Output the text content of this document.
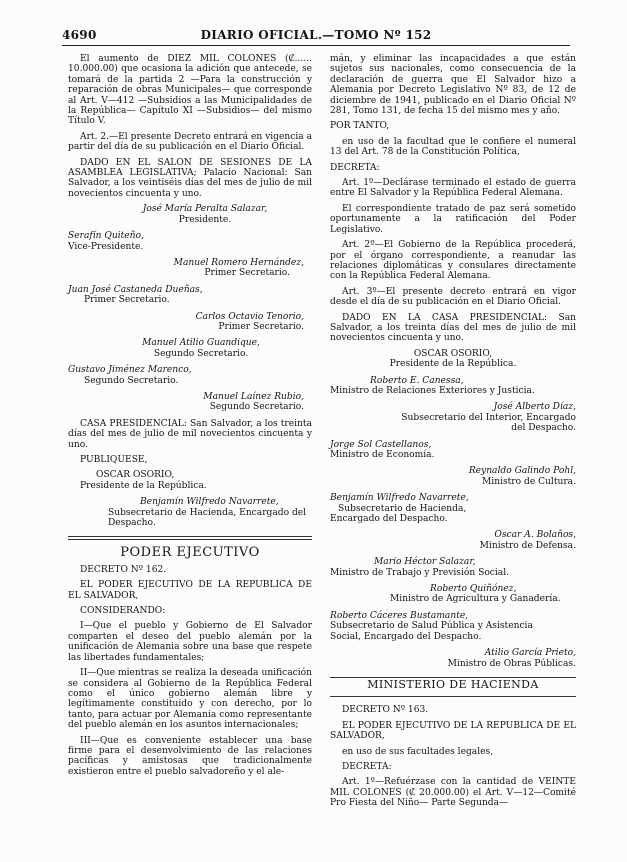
4690	DIARIO OFICIAL.—TOMO Nº 152

El aumento de DIEZ MIL COLONES (₡...... 10.000.00) que ocasiona la adición que antecede, se tomará de la partida 2 —Para la construcción y reparación de obras Municipales— que corresponde al Art. V—412 —Subsidios a las Municipalidades de la República— Capítulo XI —Subsidios— del mismo Título V.

Art. 2.—El presente Decreto entrará en vigencia a partir del día de su publicación en el Diario Oficial.

DADO EN EL SALON DE SESIONES DE LA ASAMBLEA LEGISLATIVA; Palacio Nacional: San Salvador, a los veintiséis días del mes de julio de mil novecientos cincuenta y uno.

José María Peralta Salazar,
Presidente.
Serafín Quiteño,
Vice-Presidente.
Manuel Romero Hernández,
Primer Secretario.
Juan José Castaneda Dueñas,
Primer Secretario.
Carlos Octavio Tenorio,
Primer Secretario.
Manuel Atilio Guandique,
Segundo Secretario.
Gustavo Jiménez Marenco,
Segundo Secretario.
Manuel Laínez Rubio,
Segundo Secretario.

CASA PRESIDENCIAL: San Salvador, a los treinta días del mes de julio de mil novecientos cincuenta y uno.

PUBLIQUESE,

OSCAR OSORIO,
Presidente de la República.
Benjamín Wilfredo Navarrete,
Subsecretario de Hacienda, Encargado del Despacho.
PODER EJECUTIVO

DECRETO Nº 162.

EL PODER EJECUTIVO DE LA REPUBLICA DE EL SALVADOR,

CONSIDERANDO:

I—Que el pueblo y Gobierno de El Salvador comparten el deseo del pueblo alemán por la unificación de Alemania sobre una base que respete las libertades fundamentales;

II—Que mientras se realiza la deseada unificación se considera al Gobierno de la República Federal como el único gobierno alemán libre y legítimamente constituido y con derecho, por lo tanto, para actuar por Alemania como representante del pueblo alemán en los asuntos internacionales;

III—Que es conveniente establecer una base firme para el desenvolvimiento de las relaciones pacíficas y amistosas que tradicionalmente existieron entre el pueblo salvadoreño y el ale-

mán, y eliminar las incapacidades a que están sujetos sus nacionales, como consecuencia de la declaración de guerra que El Salvador hizo a Alemania por Decreto Legislativo Nº 83, de 12 de diciembre de 1941, publicado en el Diario Oficial Nº 281, Tomo 131, de fecha 15 del mismo mes y año.

POR TANTO,

en uso de la facultad que le confiere el numeral 13 del Art. 78 de la Constitución Política,

DECRETA:

Art. 1º—Declárase terminado el estado de guerra entre El Salvador y la República Federal Alemana.

El correspondiente tratado de paz será sometido oportunamente a la ratificación del Poder Legislativo.

Art. 2º—El Gobierno de la República procederá, por el órgano correspondiente, a reanudar las relaciones diplomáticas y consulares directamente con la República Federal Alemana.

Art. 3º—El presente decreto entrará en vigor desde el día de su publicación en el Diario Oficial.

DADO EN LA CASA PRESIDENCIAL: San Salvador, a los treinta días del mes de julio de mil novecientos cincuenta y uno.

OSCAR OSORIO,
Presidente de la República.
Roberto E. Canessa,
Ministro de Relaciones Exteriores y Justicia.
José Alberto Díaz,
Subsecretario del Interior, Encargado del Despacho.
Jorge Sol Castellanos,
Ministro de Economía.
Reynaldo Galindo Pohl,
Ministro de Cultura.
Benjamín Wilfredo Navarrete,
Subsecretario de Hacienda, Encargado del Despacho.
Oscar A. Bolaños,
Ministro de Defensa.
Mario Héctor Salazar,
Ministro de Trabajo y Previsión Social.
Roberto Quiñónez,
Ministro de Agricultura y Ganadería.
Roberto Cáceres Bustamante,
Subsecretario de Salud Pública y Asistencia Social, Encargado del Despacho.
Atilio García Prieto,
Ministro de Obras Públicas.
MINISTERIO DE HACIENDA

DECRETO Nº 163.

EL PODER EJECUTIVO DE LA REPUBLICA DE EL SALVADOR,

en uso de sus facultades legales,

DECRETA:

Art. 1º—Refuérzase con la cantidad de VEINTE MIL COLONES (₡ 20.000.00) el Art. V—12—Comité Pro Fiesta del Niño— Parte Segunda—
